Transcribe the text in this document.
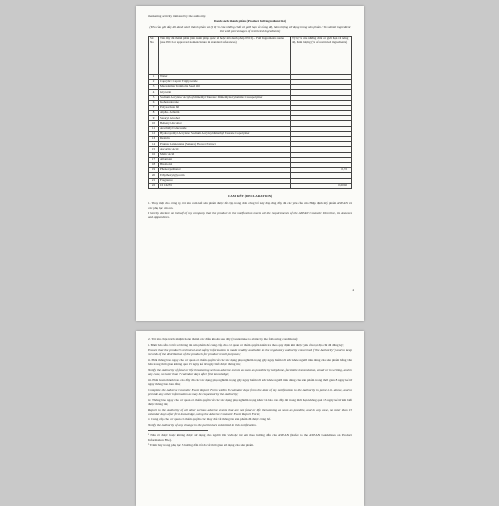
marketing activity initiated by the authority.

Danh sách thành phần (Product full ingredient list)

(Yêu cầu ghi đầy đủ danh sách thành phần và tỷ lệ % của những chất có giới hạn về nồng độ, hàm lượng sử dụng trong sản phẩm / To submit ingredient list with percentages of restricted ingredients)

Stt No	Tên đầy đủ thành phần (tên danh pháp quốc tế hoặc mã danh pháp INCI)... Full Ingredients name (use INCI or approved nomenclature in standard references)	Tỷ lệ % của những chất có giới hạn về nồng độ, hàm lượng (% of restricted ingredients)
1	Water	
2	Caprylic/ Capric Triglyceride	
3	Macadamia Ternifolia Seed Oil	
4	Glycerin	
5	Sodium Acrylate/ Acryloyldimethyl Taurate/ Dimethylacrylamide Crosspolymer	
6	Isohexadecane	
7	Polysorbate 60	
8	Alpha- Arbutin	
9	Stearyl Alcohol	
10	Behenyl Alcohol	
11	Arachidyl Glucoside	
12	Hydroxyethyl Acrylate/ Sodium Acryloyldimethyl Taurate Copolymer	
13	Dextrin	
14	Prunus Lannesiana (Sakura) Flower Extract	
15	Ascorbic Acid	
16	Malic Acid	
17	Allantoin	
18	Bisabolol	
19	Phenoxyethanol	0,72
20	Ethylhexylglycerin	
21	Fragrance	
22	CI 16255	0,0002

CAM KẾT (DECLARATION)

1. Thay mặt cho công ty, tôi xin cam kết sản phẩm được đề cập trong đơn công bố này đáp ứng đầy đủ các yêu cầu của Hiệp định mỹ phẩm ASEAN và các phụ lục của nó.

I hereby declare on behalf of my company that the product in the notification meets all the requirements of the ASEAN Cosmetic Directive, its Annexes and Appendices.

4

2. Tôi xin chịu trách nhiệm hoàn thành các điều khoản sau đây (I undertake to abide by the following conditions):

i. Đảm bảo sẵn có hồ sơ thông tin sản phẩm để cung cấp cho cơ quan có thẩm quyền kiểm tra theo quy định khi được yêu cầu tại địa chỉ đã đăng ký;

Ensure that the product's technical and safety information is made readily available to the regulatory authority concerned ("the Authority") and to keep records of the distribution of the products for product recall purposes;

ii. Phải thông báo ngay cho cơ quan có thẩm quyền về các tác dụng phụ nghiêm trọng gây nguy hiểm tới sức khỏe người tiêu dùng của sản phẩm bằng văn bản trong thời gian không quá 15 ngày kể từ ngày biết được thông tin;

Notify the Authority of fatal or life threatening serious adverse events as soon as possible by telephone, facsimile transmission, email or in writing, and in any case, no later than 7 calendar days after first knowledge;

iii. Phải hoàn thành báo cáo đầy đủ các tác dụng phụ nghiêm trọng gây nguy hiểm tới sức khỏe người tiêu dùng của sản phẩm trong thời gian 8 ngày kể từ ngày thông báo ban đầu;

Complete the Adverse Cosmetic Event Report Form within 8 calendar days from the date of my notification to the Authority in point 2.ii. above, and to provide any other information as may be requested by the Authority;

iv. Thông báo ngay cho cơ quan có thẩm quyền về các tác dụng phụ nghiêm trọng khác và báo cáo đầy đủ trong thời hạn không quá 15 ngày kể từ khi biết được thông tin;

Report to the Authority of all other serious adverse events that are not fatal or life threatening as soon as possible, and in any case, no later than 15 calendar days after first knowledge, using the Adverse Cosmetic Event Report Form;

v. Cung cấp cho cơ quan có thẩm quyền các thay đổi về thông tin sản phẩm đã được công bố.

Notify the Authority of any change in the particulars submitted in this notification.

¹ Nêu rõ được hoặc không được sử dụng cho người lớn và/hoặc trẻ em theo hướng dẫn của ASEAN (Refer to the ASEAN Guidelines on Product Information File).

² Trình bày trong phụ lục 3 hướng dẫn tối đa về thời gian sử dụng của sản phẩm.
